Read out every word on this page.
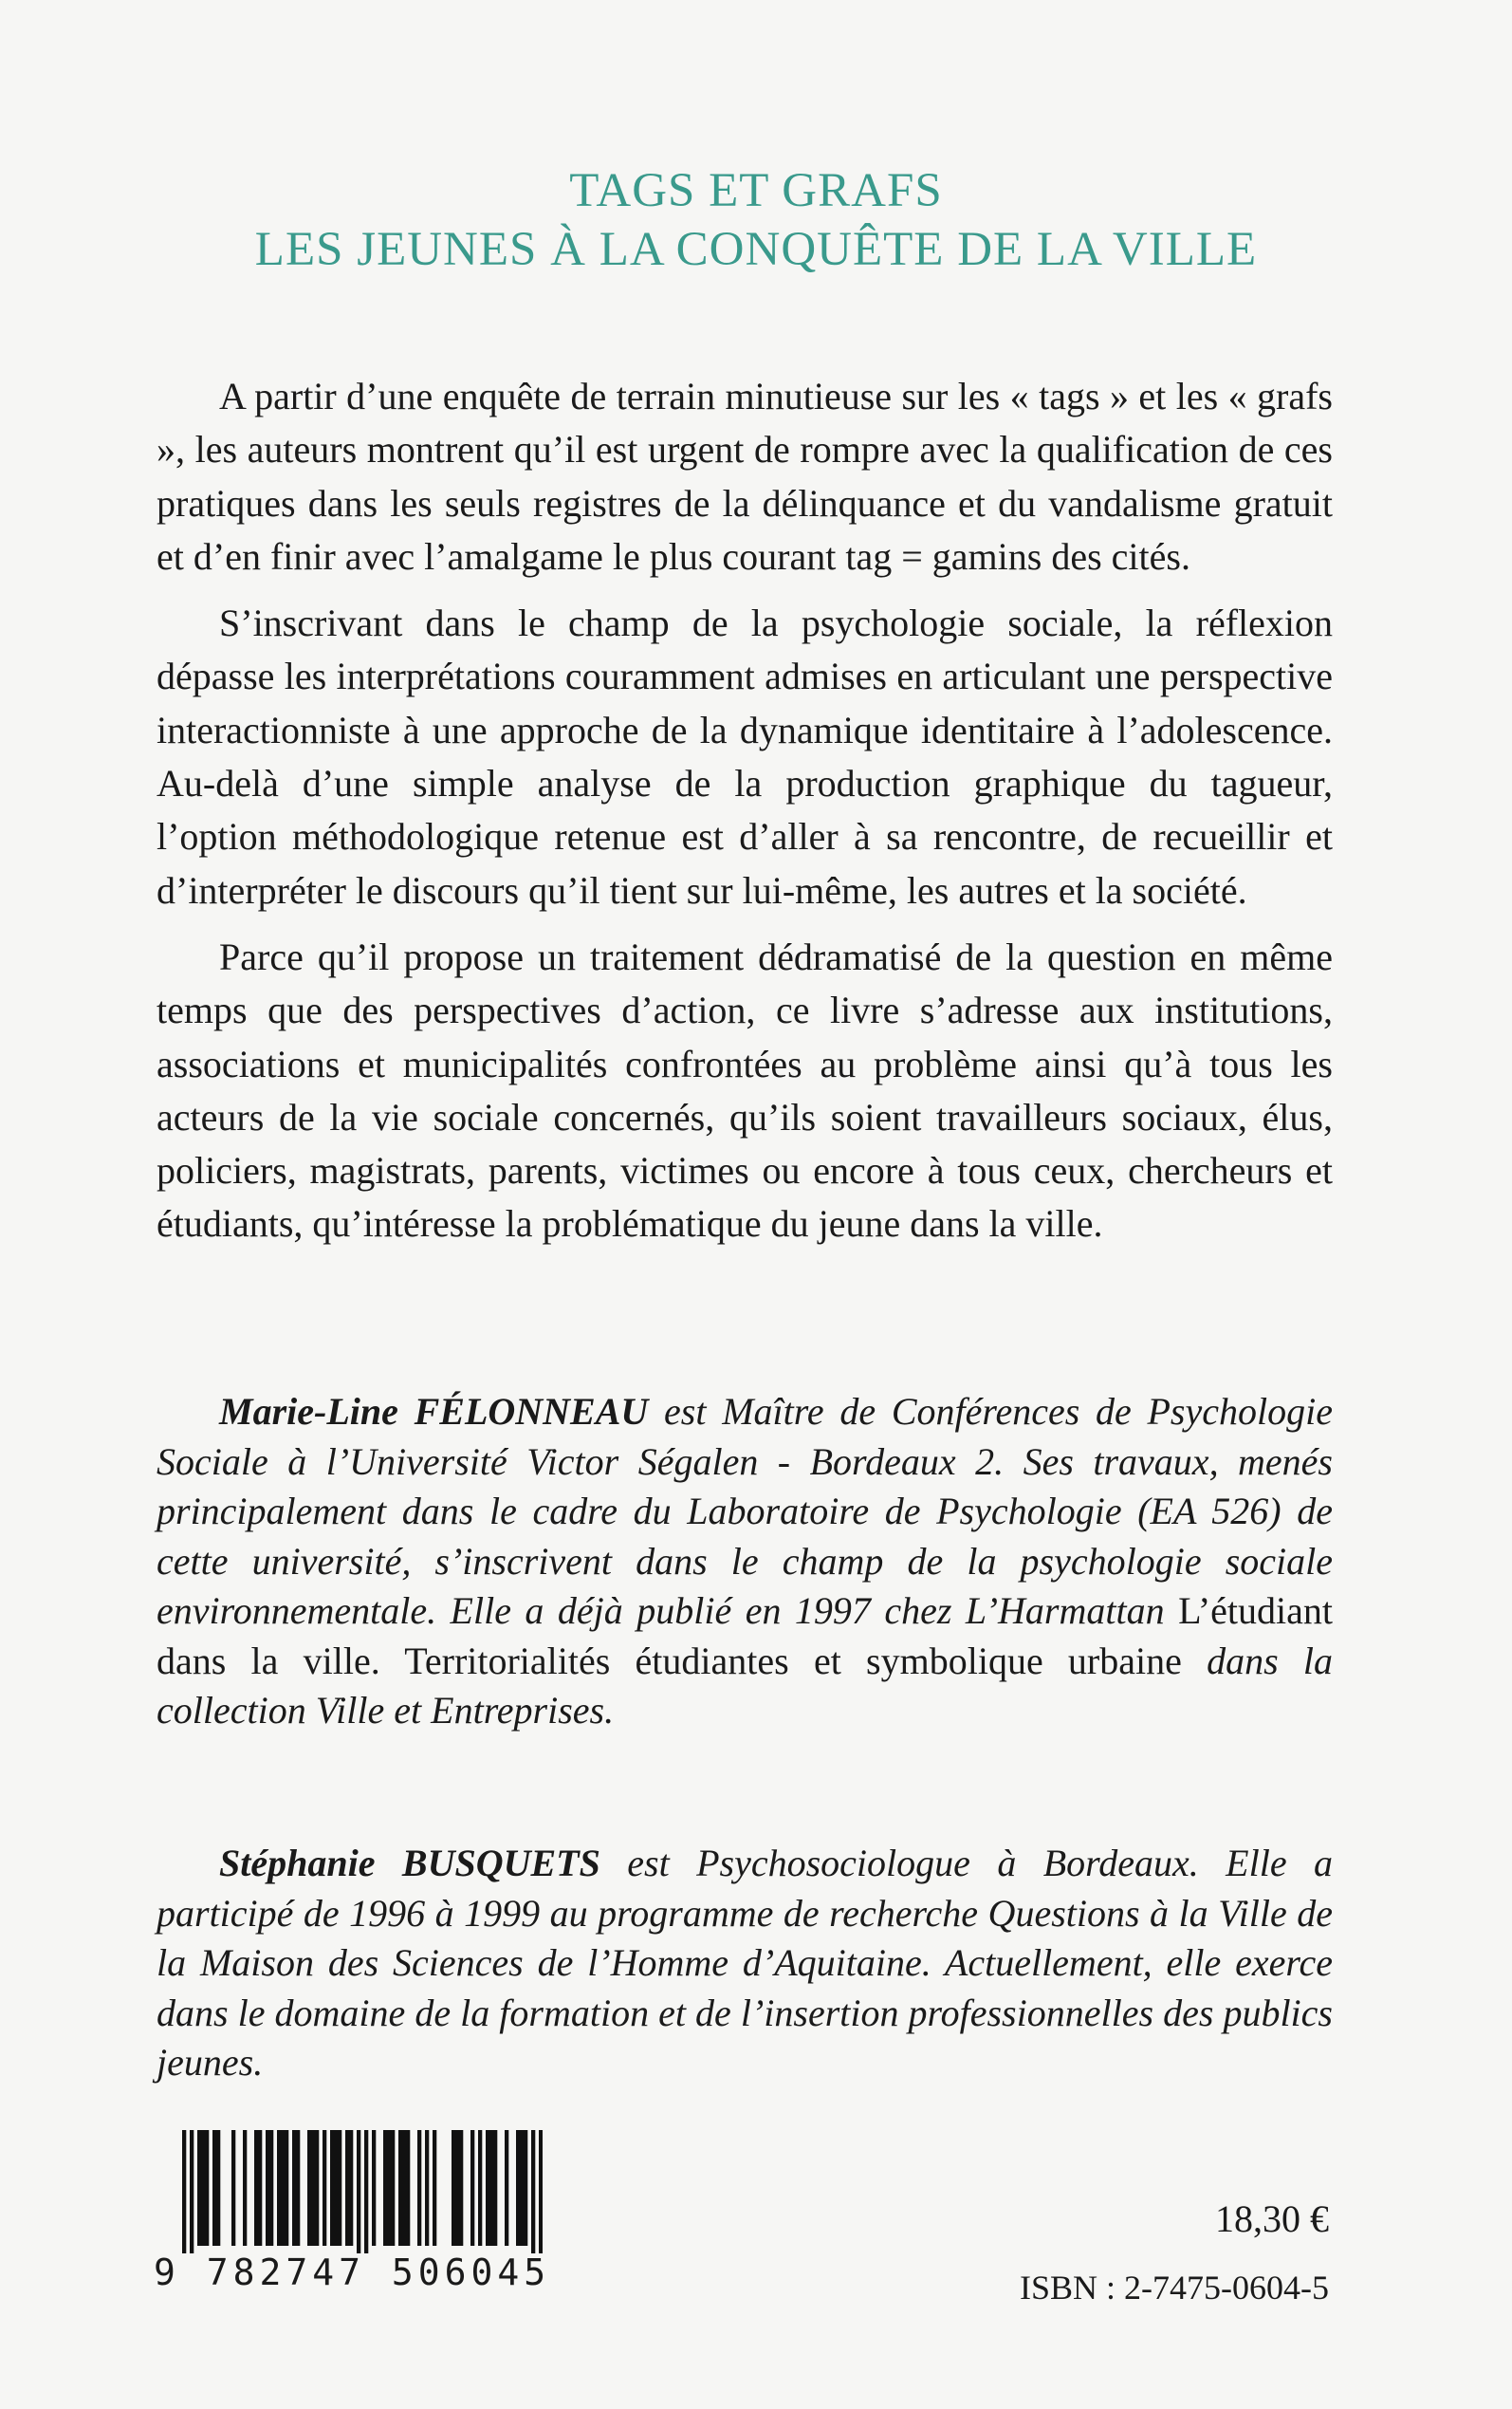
TAGS ET GRAFS
LES JEUNES À LA CONQUÊTE DE LA VILLE

A partir d’une enquête de terrain minutieuse sur les « tags » et les « grafs », les auteurs montrent qu’il est urgent de rompre avec la qualification de ces pratiques dans les seuls registres de la délinquance et du vandalisme gratuit et d’en finir avec l’amalgame le plus courant tag = gamins des cités.

S’inscrivant dans le champ de la psychologie sociale, la réflexion dépasse les interprétations couramment admises en articulant une perspective interactionniste à une approche de la dynamique identitaire à l’adolescence. Au-delà d’une simple analyse de la production graphique du tagueur, l’option méthodologique retenue est d’aller à sa rencontre, de recueillir et d’interpréter le discours qu’il tient sur lui-même, les autres et la société.

Parce qu’il propose un traitement dédramatisé de la question en même temps que des perspectives d’action, ce livre s’adresse aux institutions, associations et municipalités confrontées au problème ainsi qu’à tous les acteurs de la vie sociale concernés, qu’ils soient travailleurs sociaux, élus, policiers, magistrats, parents, victimes ou encore à tous ceux, chercheurs et étudiants, qu’intéresse la problématique du jeune dans la ville.

Marie-Line FÉLONNEAU est Maître de Conférences de Psychologie Sociale à l’Université Victor Ségalen - Bordeaux 2. Ses travaux, menés principalement dans le cadre du Laboratoire de Psychologie (EA 526) de cette université, s’inscrivent dans le champ de la psychologie sociale environnementale. Elle a déjà publié en 1997 chez L’Harmattan L’étudiant dans la ville. Territorialités étudiantes et symbolique urbaine dans la collection Ville et Entreprises.

Stéphanie BUSQUETS est Psychosociologue à Bordeaux. Elle a participé de 1996 à 1999 au programme de recherche Questions à la Ville de la Maison des Sciences de l’Homme d’Aquitaine. Actuellement, elle exerce dans le domaine de la formation et de l’insertion professionnelles des publics jeunes.

9 782747 506045
18,30 €
ISBN : 2-7475-0604-5
